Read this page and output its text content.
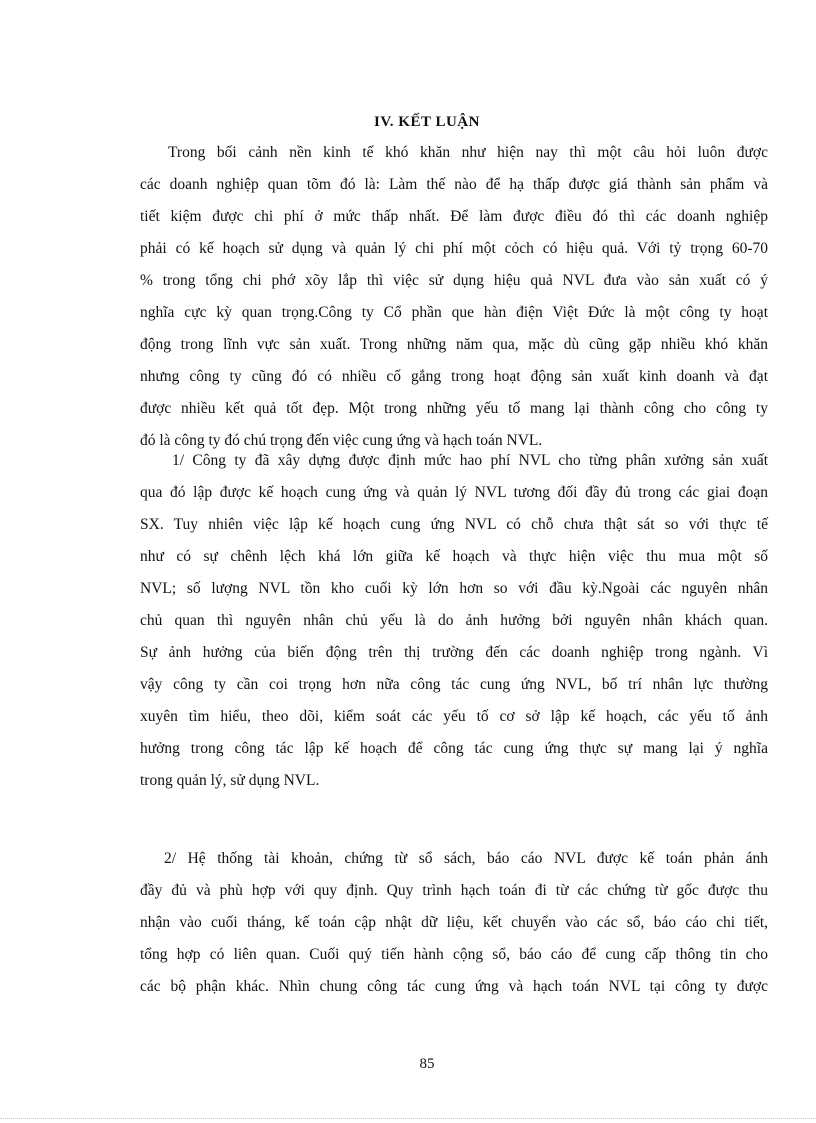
IV. KẾT LUẬN
Trong bối cảnh nền kinh tế khó khăn như hiện nay thì một câu hỏi luôn được
các doanh nghiệp quan tõm đó là: Làm thế nào để hạ thấp được giá thành sản phẩm và
tiết kiệm được chi phí ở mức thấp nhất. Để làm được điều đó thì các doanh nghiệp
phải có kế hoạch sử dụng và quản lý chi phí một cỏch có hiệu quả. Với tỷ trọng 60-70
% trong tổng chi phớ xõy lắp thì việc sử dụng hiệu quả NVL đưa vào sản xuất có ý
nghĩa cực kỳ quan trọng.Công ty Cổ phần que hàn điện Việt Đức là một công ty hoạt
động trong lĩnh vực sản xuất. Trong những năm qua, mặc dù cũng gặp nhiều khó khăn
nhưng công ty cũng đó có nhiều cố gắng trong hoạt động sản xuất kinh doanh và đạt
được nhiều kết quả tốt đẹp. Một trong những yếu tố mang lại thành công cho công ty
đó là công ty đó chú trọng đến việc cung ứng và hạch toán NVL.
1/ Công ty đã xây dựng được định mức hao phí NVL cho từng phân xưởng sản xuất
qua đó lập được kế hoạch cung ứng và quản lý NVL tương đối đầy đủ trong các giai đoạn
SX. Tuy nhiên việc lập kế hoạch cung ứng NVL có chỗ chưa thật sát so với thực tế
như có sự chênh lệch khá lớn giữa kế hoạch và thực hiện việc thu mua một số
NVL; số lượng NVL tồn kho cuối kỳ lớn hơn so với đầu kỳ.Ngoài các nguyên nhân
chủ quan thì nguyên nhân chủ yếu là do ảnh hưởng bởi nguyên nhân khách quan.
Sự ảnh hưởng của biến động trên thị trường đến các doanh nghiệp trong ngành. Vì
vậy công ty cần coi trọng hơn nữa công tác cung ứng NVL, bố trí nhân lực thường
xuyên tìm hiểu, theo dõi, kiểm soát các yếu tố cơ sở lập kế hoạch, các yếu tố ảnh
hưởng trong công tác lập kế hoạch để công tác cung ứng thực sự mang lại ý nghĩa
trong quản lý, sử dụng NVL.
2/ Hệ thống tài khoản, chứng từ sổ sách, báo cáo NVL được kế toán phản ánh
đầy đủ và phù hợp với quy định. Quy trình hạch toán đi từ các chứng từ gốc được thu
nhận vào cuối tháng, kế toán cập nhật dữ liệu, kết chuyển vào các sổ, báo cáo chi tiết,
tổng hợp có liên quan. Cuối quý tiến hành cộng sổ, báo cáo để cung cấp thông tin cho
các bộ phận khác. Nhìn chung công tác cung ứng và hạch toán NVL tại công ty được
85
